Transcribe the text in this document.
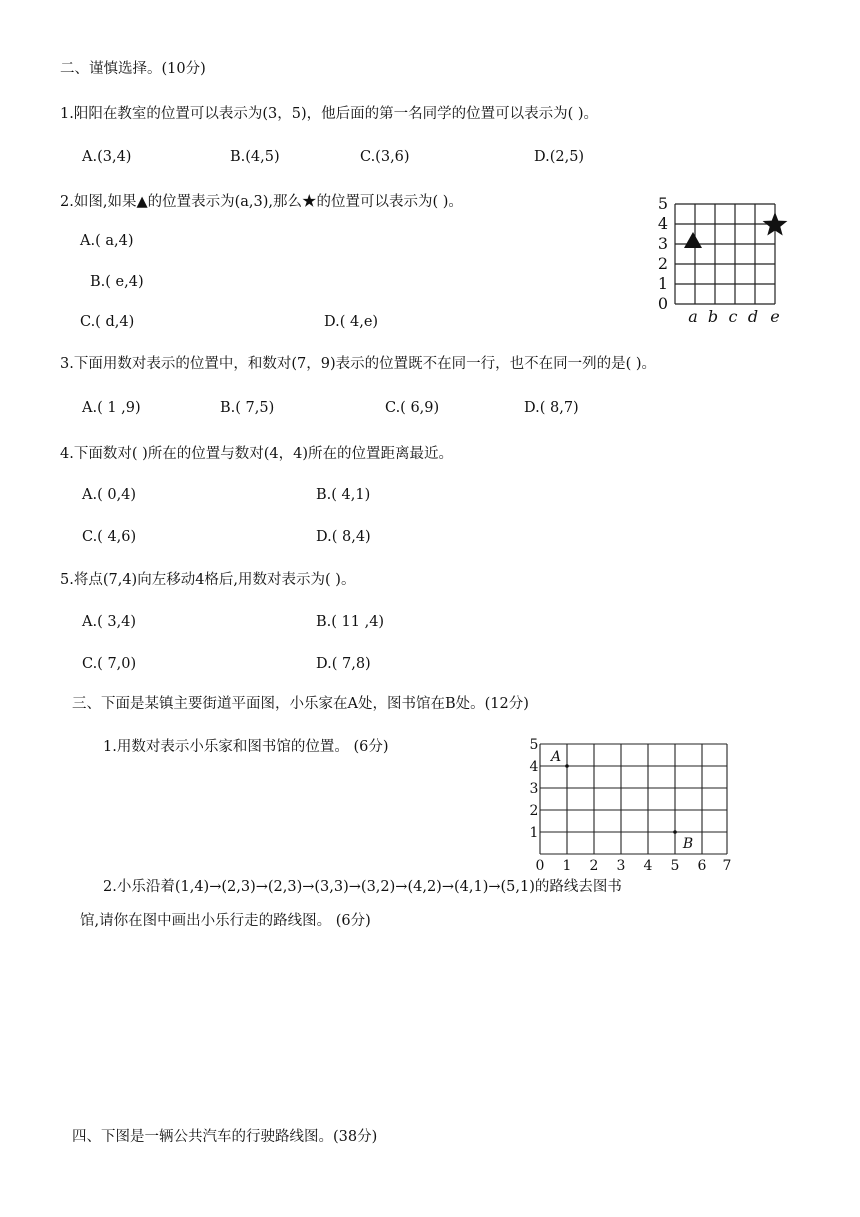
二、谨慎选择。(10分)
1.阳阳在教室的位置可以表示为(3，5)，他后面的第一名同学的位置可以表示为( )。
A.(3,4)	B.(4,5)	C.(3,6)	D.(2,5)
2.如图,如果▲的位置表示为(a,3),那么★的位置可以表示为( )。
A.( a,4)
B.( e,4)
C.( d,4)	D.( 4,e)
0
1
2
3
4
5
a b c d e
3.下面用数对表示的位置中，和数对(7，9)表示的位置既不在同一行，也不在同一列的是( )。
A.( 1 ,9)	B.( 7,5)	C.( 6,9)	D.( 8,7)
4.下面数对( )所在的位置与数对(4，4)所在的位置距离最近。
A.( 0,4)	B.( 4,1)
C.( 4,6)	D.( 8,4)
5.将点(7,4)向左移动4格后,用数对表示为( )。
A.( 3,4)	B.( 11 ,4)
C.( 7,0)	D.( 7,8)
三、下面是某镇主要街道平面图，小乐家在A处，图书馆在B处。(12分)
1.用数对表示小乐家和图书馆的位置。 (6分)
0 1 2 3 4 5 6 7
1
2
3
4
5
A
B
2.小乐沿着(1,4)→(2,3)→(2,3)→(3,3)→(3,2)→(4,2)→(4,1)→(5,1)的路线去图书
馆,请你在图中画出小乐行走的路线图。 (6分)
四、下图是一辆公共汽车的行驶路线图。(38分)
